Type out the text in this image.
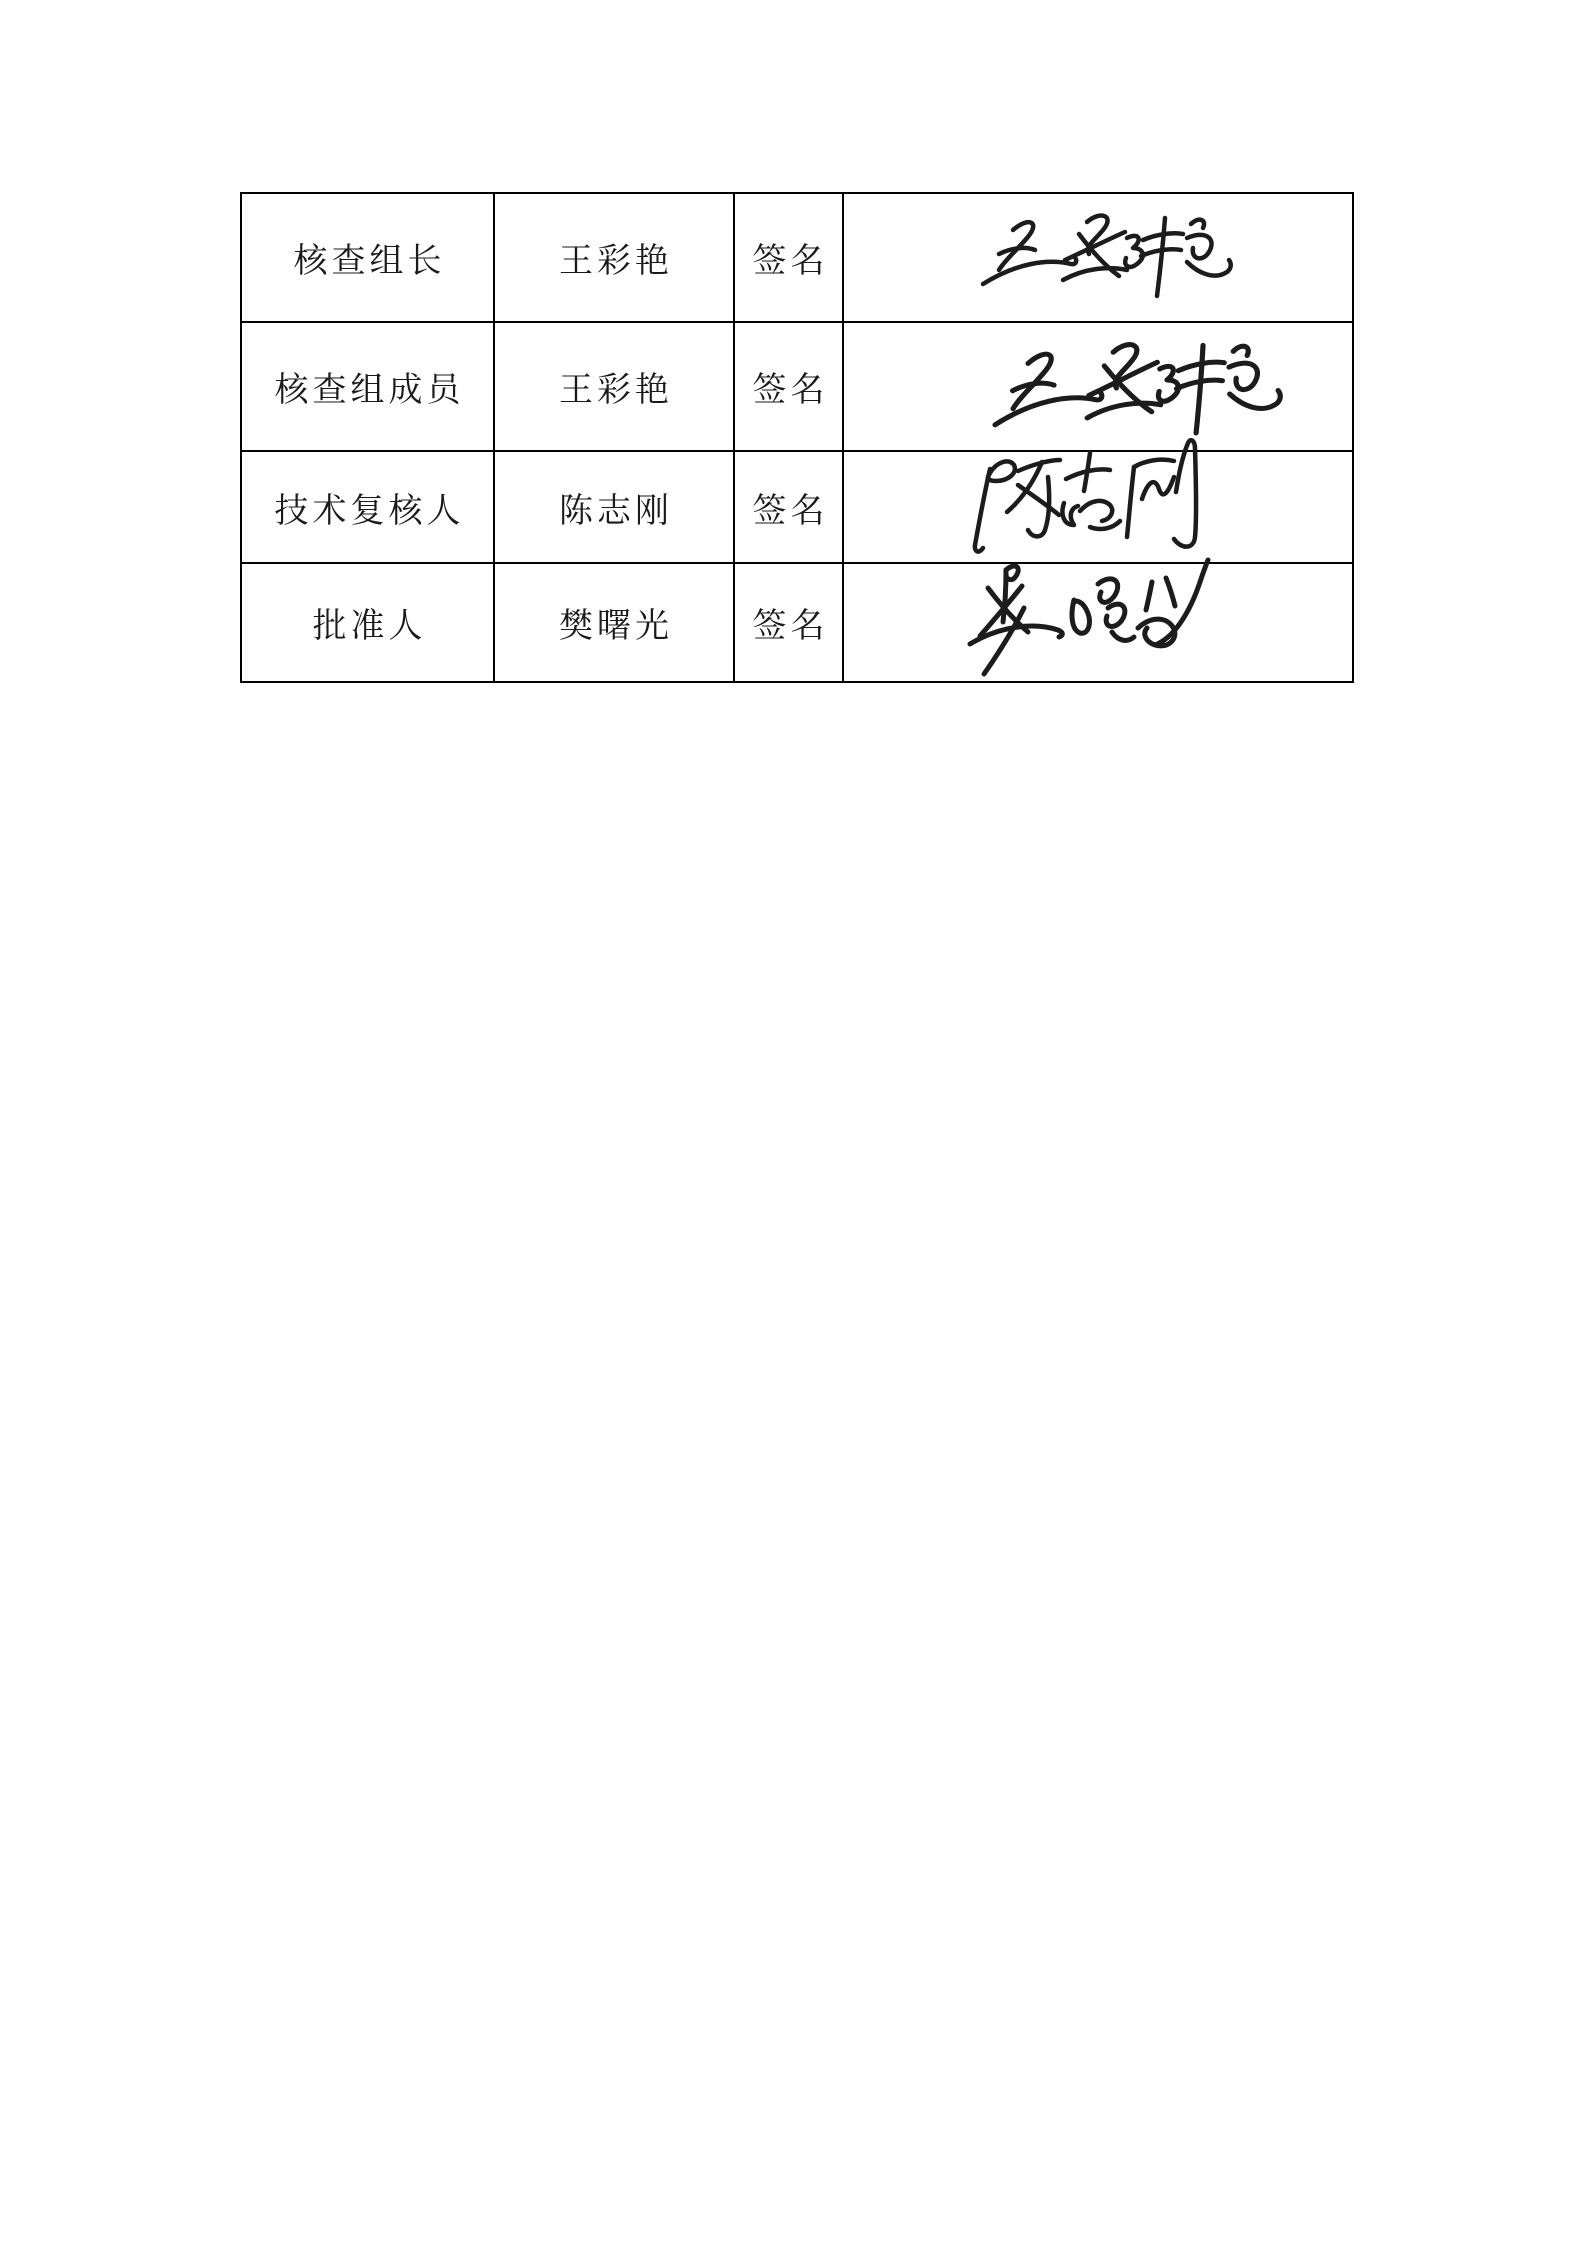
核查组长	王彩艳	签名
核查组成员	王彩艳	签名
技术复核人	陈志刚	签名
批准人	樊曙光	签名
